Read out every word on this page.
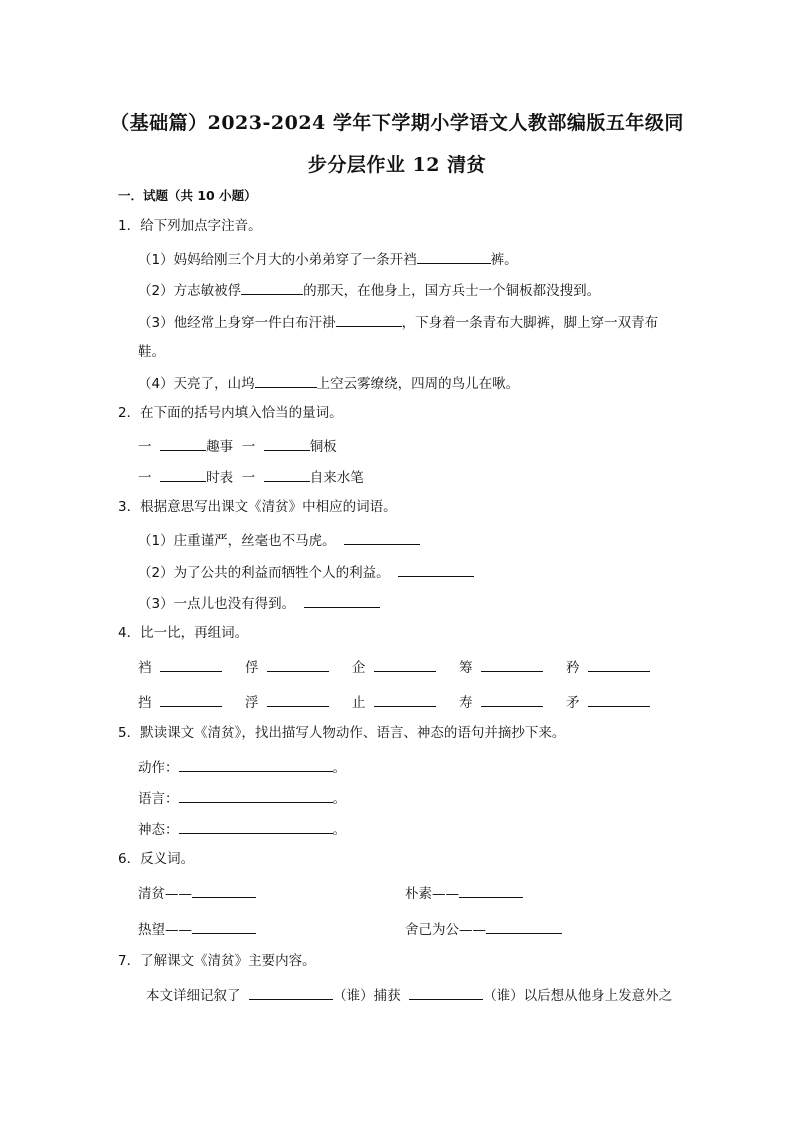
（基础篇）2023-2024 学年下学期小学语文人教部编版五年级同
步分层作业 12 清贫
一．试题（共 10 小题）
1．给下列加点字注音。
（1）妈妈给刚三个月大的小弟弟穿了一条开裆	裤。
（2）方志敏被俘	的那天，在他身上，国方兵士一个铜板都没搜到。
（3）他经常上身穿一件白布汗褂	，下身着一条青布大脚裤，脚上穿一双青布
鞋。
（4）天亮了，山坞	上空云雾缭绕，四周的鸟儿在啾。
2．在下面的括号内填入恰当的量词。
一	趣事 一	铜板
一	时表 一	自来水笔
3．根据意思写出课文《清贫》中相应的词语。
（1）庄重谨严，丝毫也不马虎。
（2）为了公共的利益而牺牲个人的利益。
（3）一点儿也没有得到。
4．比一比，再组词。
裆	俘	企	筹	矜
挡	浮	止	寿	矛
5．默读课文《清贫》，找出描写人物动作、语言、神态的语句并摘抄下来。
动作：	。
语言：	。
神态：	。
6．反义词。
清贫——	朴素——
热望——	舍己为公——
7．了解课文《清贫》主要内容。
本文详细记叙了	（谁）捕获	（谁）以后想从他身上发意外之
